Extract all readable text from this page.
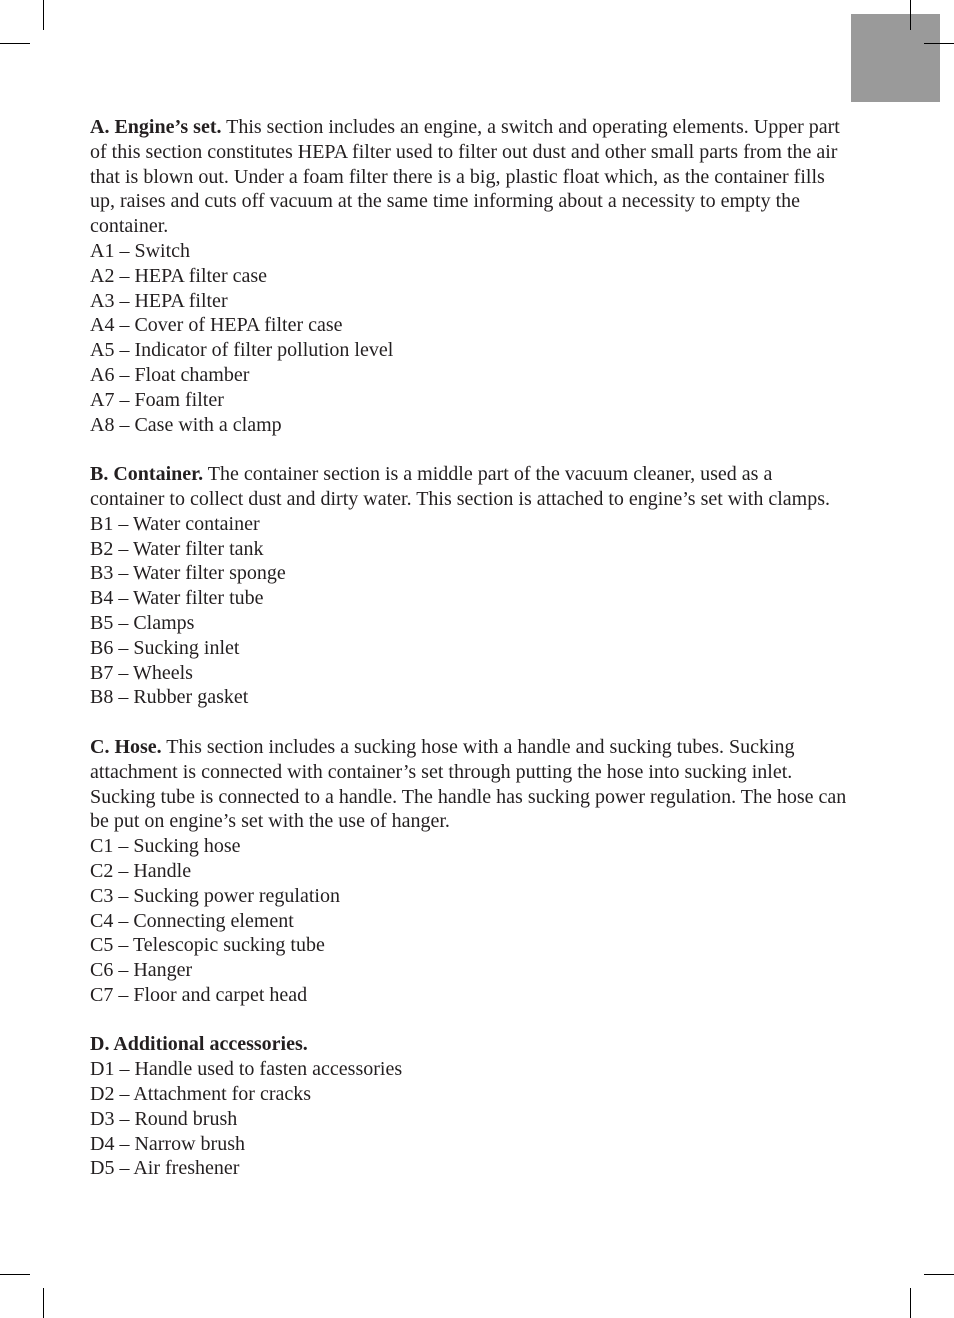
A. Engine’s set. This section includes an engine, a switch and operating elements. Upper part of this section constitutes HEPA filter used to filter out dust and other small parts from the air that is blown out. Under a foam filter there is a big, plastic float which, as the container fills up, raises and cuts off vacuum at the same time informing about a necessity to empty the container.

A1 – Switch

A2 – HEPA filter case

A3 – HEPA filter

A4 – Cover of HEPA filter case

A5 – Indicator of filter pollution level

A6 – Float chamber

A7 – Foam filter

A8 – Case with a clamp

B. Container. The container section is a middle part of the vacuum cleaner, used as a container to collect dust and dirty water. This section is attached to engine’s set with clamps.

B1 – Water container

B2 – Water filter tank

B3 – Water filter sponge

B4 – Water filter tube

B5 – Clamps

B6 – Sucking inlet

B7 – Wheels

B8 – Rubber gasket

C. Hose. This section includes a sucking hose with a handle and sucking tubes. Sucking attachment is connected with container’s set through putting the hose into sucking inlet. Sucking tube is connected to a handle. The handle has sucking power regulation. The hose can be put on engine’s set with the use of hanger.

C1 – Sucking hose

C2 – Handle

C3 – Sucking power regulation

C4 – Connecting element

C5 – Telescopic sucking tube

C6 – Hanger

C7 – Floor and carpet head

D. Additional accessories.

D1 – Handle used to fasten accessories

D2 – Attachment for cracks

D3 – Round brush

D4 – Narrow brush

D5 – Air freshener
